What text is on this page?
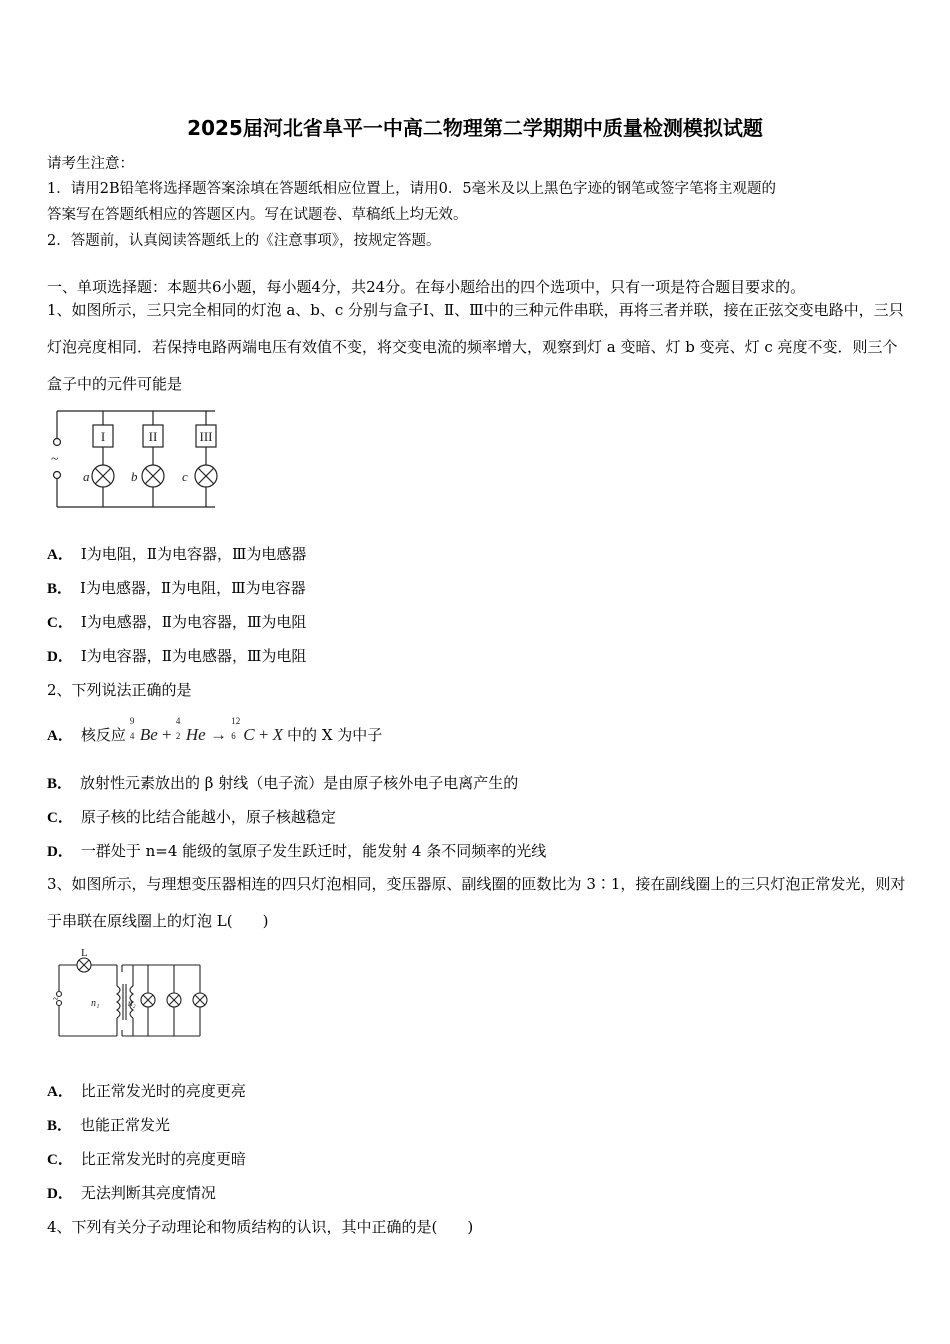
2025届河北省阜平一中高二物理第二学期期中质量检测模拟试题
请考生注意：
1．请用2B铅笔将选择题答案涂填在答题纸相应位置上，请用0．5毫米及以上黑色字迹的钢笔或签字笔将主观题的
答案写在答题纸相应的答题区内。写在试题卷、草稿纸上均无效。
2．答题前，认真阅读答题纸上的《注意事项》，按规定答题。
一、单项选择题：本题共6小题，每小题4分，共24分。在每小题给出的四个选项中，只有一项是符合题目要求的。
1、如图所示，三只完全相同的灯泡 a、b、c 分别与盒子Ⅰ、Ⅱ、Ⅲ中的三种元件串联，再将三者并联，接在正弦交变电路中，三只灯泡亮度相同．若保持电路两端电压有效值不变，将交变电流的频率增大，观察到灯 a 变暗、灯 b 变亮、灯 c 亮度不变．则三个盒子中的元件可能是
~
I	II	III
a	b	c
A． Ⅰ为电阻，Ⅱ为电容器，Ⅲ为电感器
B． Ⅰ为电感器，Ⅱ为电阻，Ⅲ为电容器
C． Ⅰ为电感器，Ⅱ为电容器，Ⅲ为电阻
D． Ⅰ为电容器，Ⅱ为电感器，Ⅲ为电阻
2、下列说法正确的是
A． 核反应
9
4 Be +
4
2 He →
12
6 C + X 中的 X 为中子
B． 放射性元素放出的 β 射线（电子流）是由原子核外电子电离产生的
C． 原子核的比结合能越小，原子核越稳定
D． 一群处于 n=4 能级的氢原子发生跃迁时，能发射 4 条不同频率的光线
3、如图所示，与理想变压器相连的四只灯泡相同，变压器原、副线圈的匝数比为 3∶1，接在副线圈上的三只灯泡正常发光，则对于串联在原线圈上的灯泡 L(　　)
L
~	n₁	n₂
A． 比正常发光时的亮度更亮
B． 也能正常发光
C． 比正常发光时的亮度更暗
D． 无法判断其亮度情况
4、下列有关分子动理论和物质结构的认识，其中正确的是(　　)
